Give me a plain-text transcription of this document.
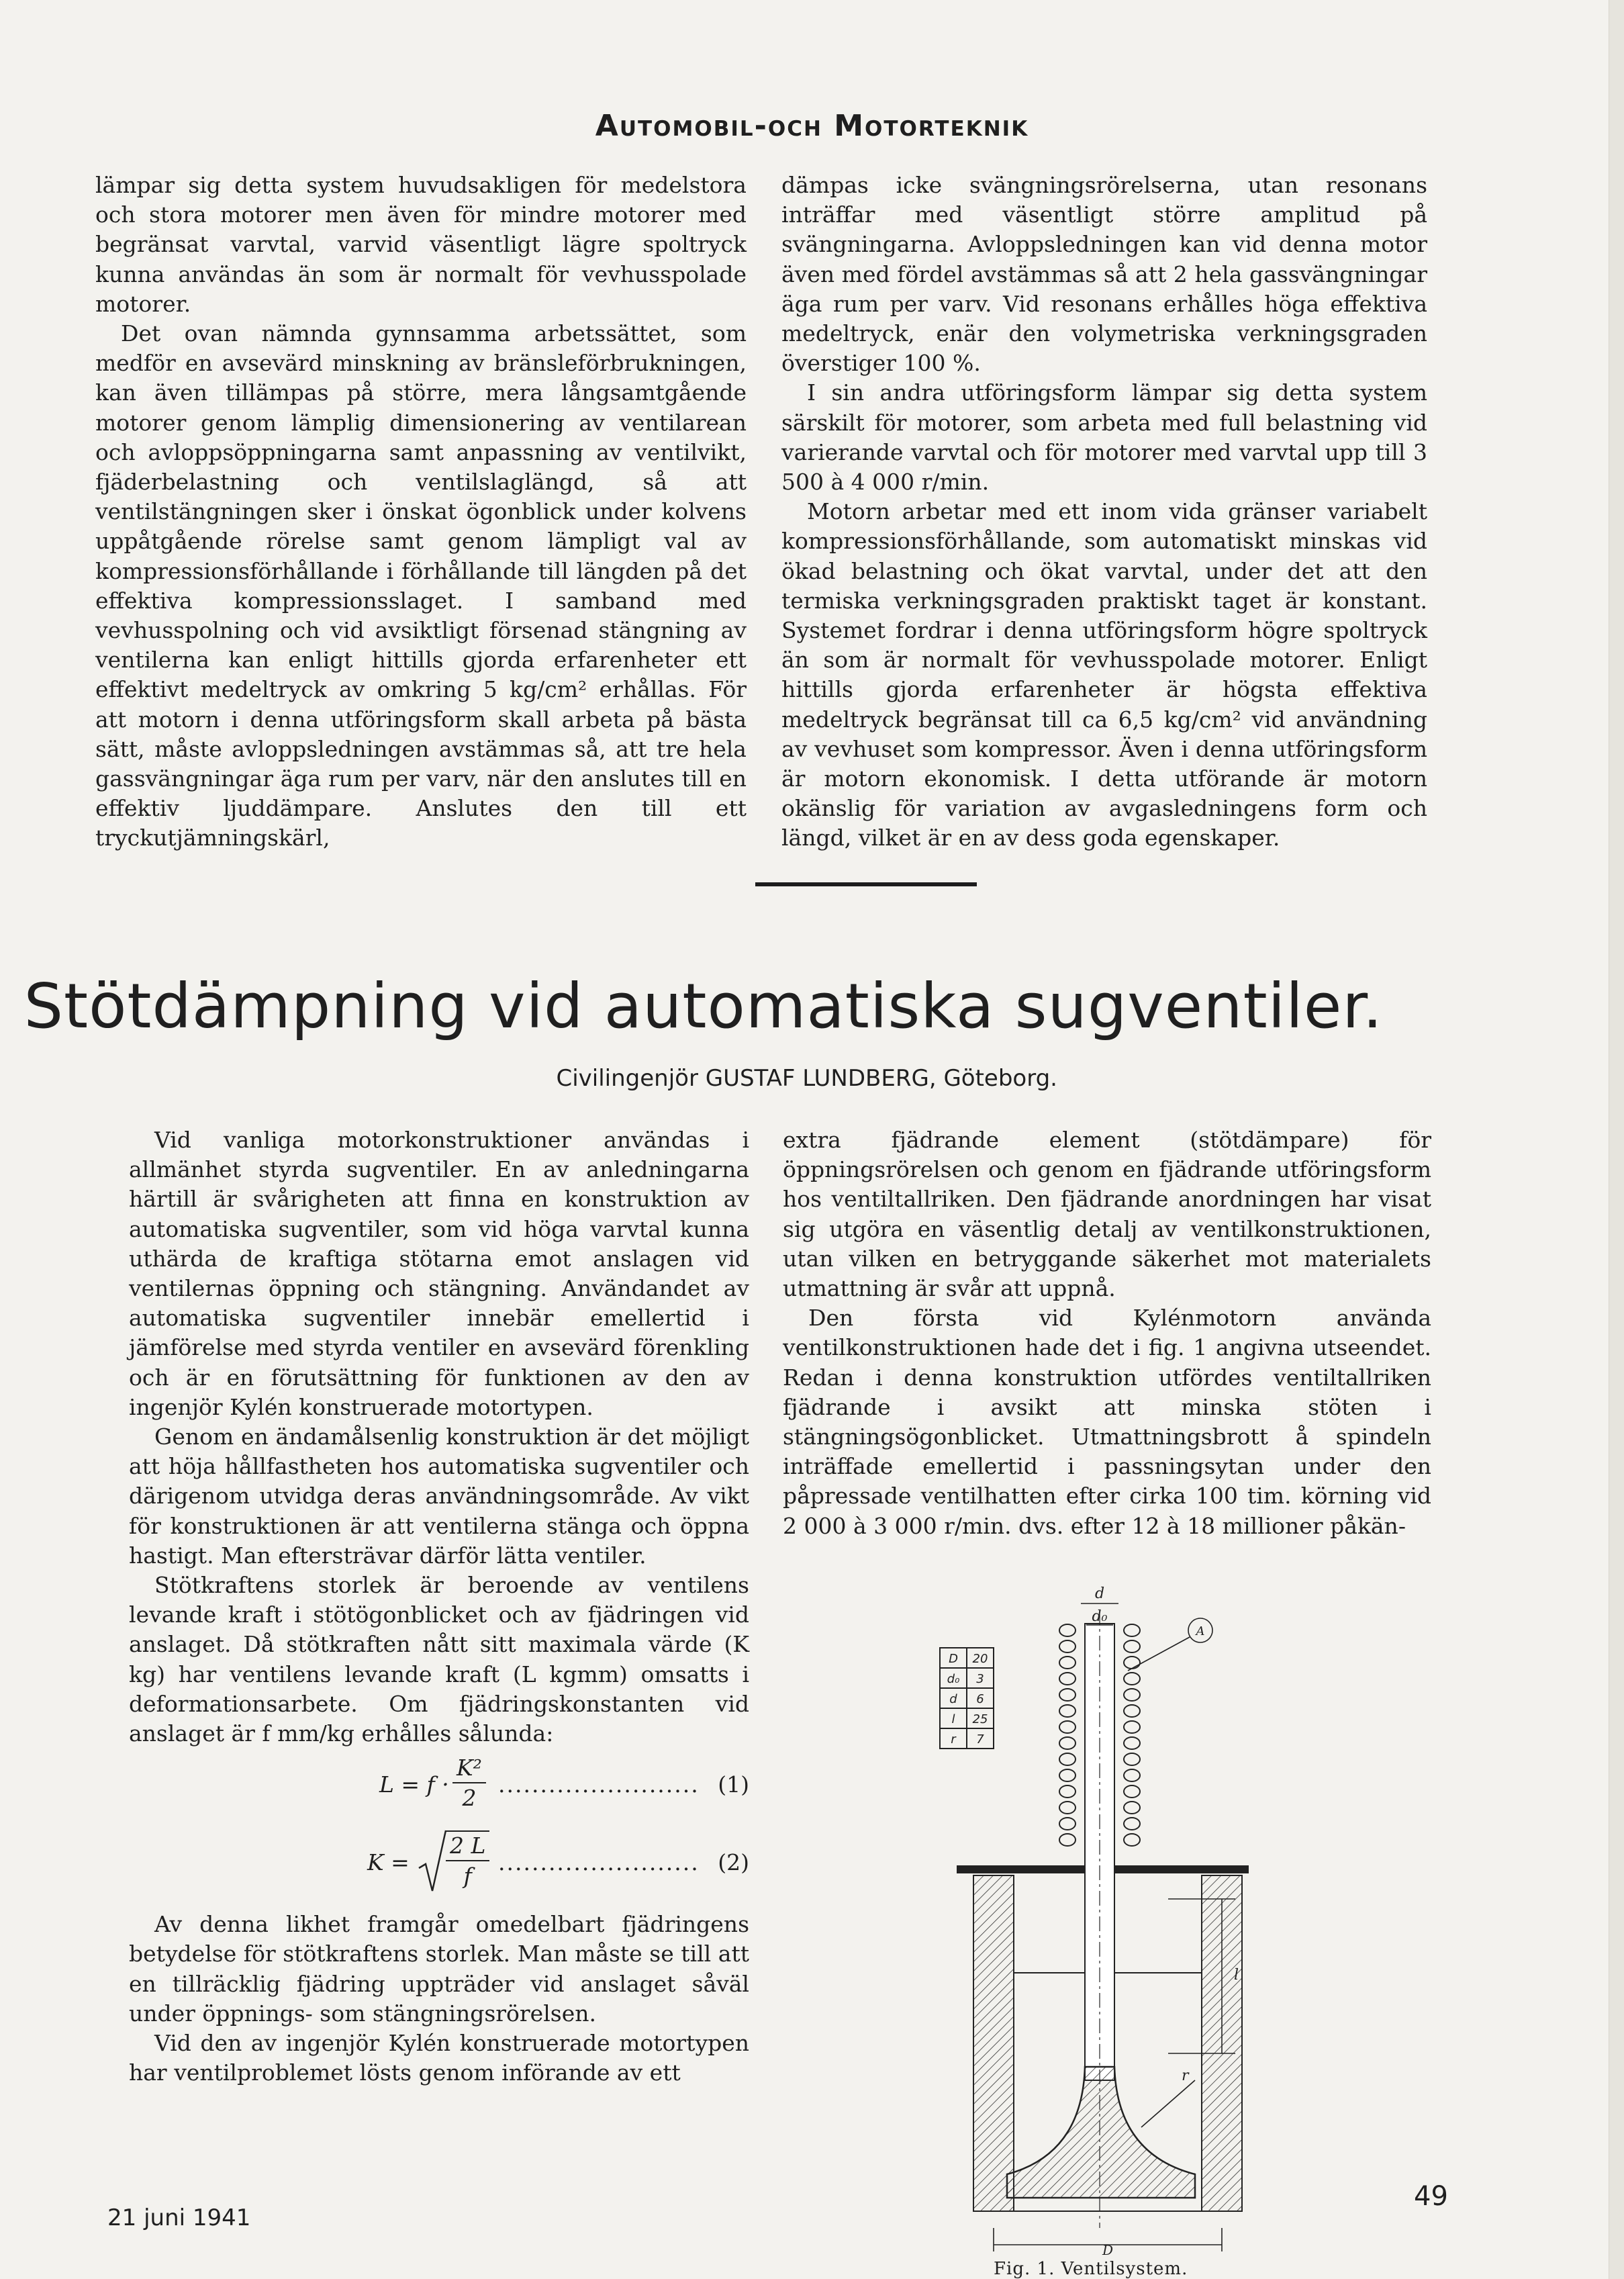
Automobil-och Motorteknik

lämpar sig detta system huvudsakligen för medelstora och stora motorer men även för mindre motorer med begränsat varvtal, varvid väsentligt lägre spoltryck kunna användas än som är normalt för vevhusspolade motorer.

Det ovan nämnda gynnsamma arbetssättet, som medför en avsevärd minskning av bränsleförbrukningen, kan även tillämpas på större, mera långsamtgående motorer genom lämplig dimensionering av ventilarean och avloppsöppningarna samt anpassning av ventilvikt, fjäderbelastning och ventilslaglängd, så att ventilstängningen sker i önskat ögonblick under kolvens uppåtgående rörelse samt genom lämpligt val av kompressionsförhållande i förhållande till längden på det effektiva kompressionsslaget. I samband med vevhusspolning och vid avsiktligt försenad stängning av ventilerna kan enligt hittills gjorda erfarenheter ett effektivt medeltryck av omkring 5 kg/cm² erhållas. För att motorn i denna utföringsform skall arbeta på bästa sätt, måste avloppsledningen avstämmas så, att tre hela gassvängningar äga rum per varv, när den anslutes till en effektiv ljuddämpare. Anslutes den till ett tryckutjämningskärl,

dämpas icke svängningsrörelserna, utan resonans inträffar med väsentligt större amplitud på svängningarna. Avloppsledningen kan vid denna motor även med fördel avstämmas så att 2 hela gassvängningar äga rum per varv. Vid resonans erhålles höga effektiva medeltryck, enär den volymetriska verkningsgraden överstiger 100 %.

I sin andra utföringsform lämpar sig detta system särskilt för motorer, som arbeta med full belastning vid varierande varvtal och för motorer med varvtal upp till 3 500 à 4 000 r/min.

Motorn arbetar med ett inom vida gränser variabelt kompressionsförhållande, som automatiskt minskas vid ökad belastning och ökat varvtal, under det att den termiska verkningsgraden praktiskt taget är konstant. Systemet fordrar i denna utföringsform högre spoltryck än som är normalt för vevhusspolade motorer. Enligt hittills gjorda erfarenheter är högsta effektiva medeltryck begränsat till ca 6,5 kg/cm² vid användning av vevhuset som kompressor. Även i denna utföringsform är motorn ekonomisk. I detta utförande är motorn okänslig för variation av avgasledningens form och längd, vilket är en av dess goda egenskaper.

Stötdämpning vid automatiska sugventiler.
Civilingenjör GUSTAF LUNDBERG, Göteborg.

Vid vanliga motorkonstruktioner användas i allmänhet styrda sugventiler. En av anledningarna härtill är svårigheten att finna en konstruktion av automatiska sugventiler, som vid höga varvtal kunna uthärda de kraftiga stötarna emot anslagen vid ventilernas öppning och stängning. Användandet av automatiska sugventiler innebär emellertid i jämförelse med styrda ventiler en avsevärd förenkling och är en förutsättning för funktionen av den av ingenjör Kylén konstruerade motortypen.

Genom en ändamålsenlig konstruktion är det möjligt att höja hållfastheten hos automatiska sugventiler och därigenom utvidga deras användningsområde. Av vikt för konstruktionen är att ventilerna stänga och öppna hastigt. Man eftersträvar därför lätta ventiler.

Stötkraftens storlek är beroende av ventilens levande kraft i stötögonblicket och av fjädringen vid anslaget. Då stötkraften nått sitt maximala värde (K kg) har ventilens levande kraft (L kgmm) omsatts i deformationsarbete. Om fjädringskonstanten vid anslaget är f mm/kg erhålles sålunda:

$L = f \cdot \frac{\text{K²}}{2}$ ........................ (1)
$K = \frac{2 L}{f}$ ........................ (2)

Av denna likhet framgår omedelbart fjädringens betydelse för stötkraftens storlek. Man måste se till att en tillräcklig fjädring uppträder vid anslaget såväl under öppnings- som stängningsrörelsen.

Vid den av ingenjör Kylén konstruerade motortypen har ventilproblemet lösts genom införande av ett

extra fjädrande element (stötdämpare) för öppningsrörelsen och genom en fjädrande utföringsform hos ventiltallriken. Den fjädrande anordningen har visat sig utgöra en väsentlig detalj av ventilkonstruktionen, utan vilken en betryggande säkerhet mot materialets utmattning är svår att uppnå.

Den första vid Kylénmotorn använda ventilkonstruktionen hade det i fig. 1 angivna utseendet. Redan i denna konstruktion utfördes ventiltallriken fjädrande i avsikt att minska stöten i stängningsögonblicket. Utmattningsbrott å spindeln inträffade emellertid i passningsytan under den påpressade ventilhatten efter cirka 100 tim. körning vid 2 000 à 3 000 r/min. dvs. efter 12 à 18 millioner påkän-

D 20
d₀ 3
d 6
l 25
r 7
d
d₀
A
l
r
D
Fig. 1. Ventilsystem.
21 juni 1941
49
